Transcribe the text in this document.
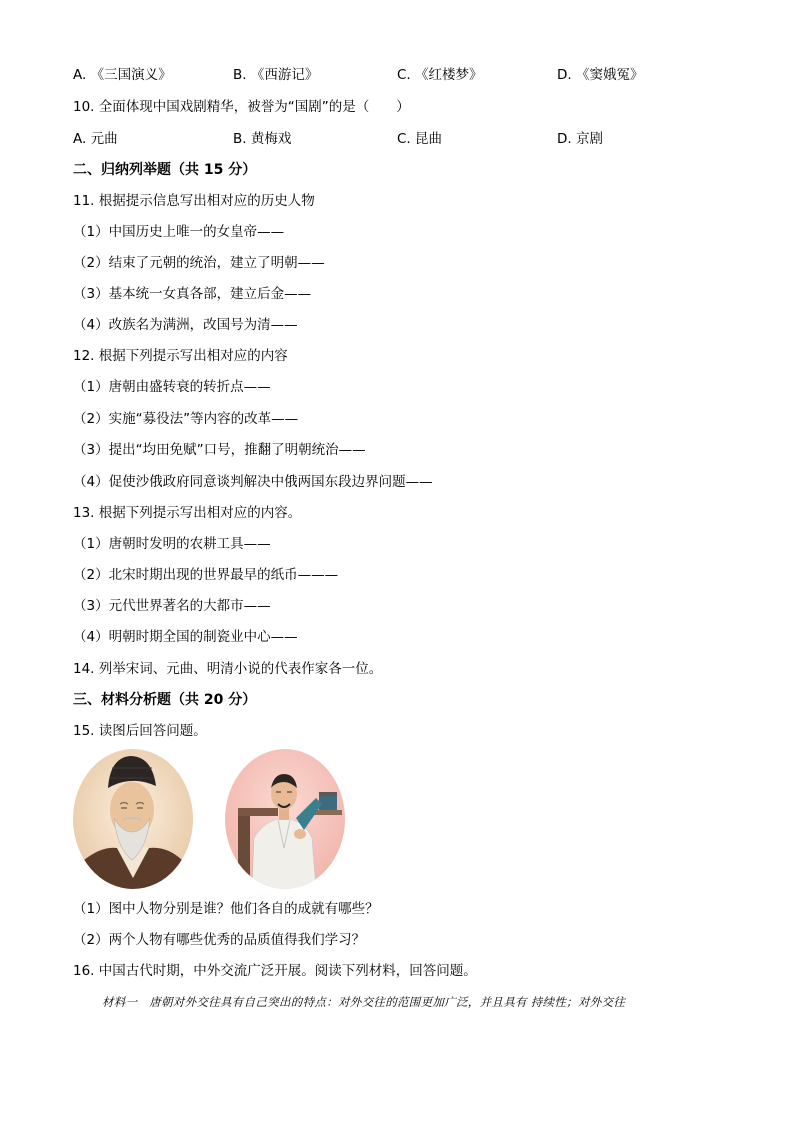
A. 《三国演义》	B. 《西游记》	C. 《红楼梦》	D. 《窦娥冤》
10. 全面体现中国戏剧精华，被誉为“国剧”的是（　　）
A. 元曲	B. 黄梅戏	C. 昆曲	D. 京剧
二、归纳列举题（共 15 分）
11. 根据提示信息写出相对应的历史人物
（1）中国历史上唯一的女皇帝——
（2）结束了元朝的统治，建立了明朝——
（3）基本统一女真各部，建立后金——
（4）改族名为满洲，改国号为清——
12. 根据下列提示写出相对应的内容
（1）唐朝由盛转衰的转折点——
（2）实施“募役法”等内容的改革——
（3）提出“均田免赋”口号，推翻了明朝统治——
（4）促使沙俄政府同意谈判解决中俄两国东段边界问题——
13. 根据下列提示写出相对应的内容。
（1）唐朝时发明的农耕工具——
（2）北宋时期出现的世界最早的纸币———
（3）元代世界著名的大都市——
（4）明朝时期全国的制瓷业中心——
14. 列举宋词、元曲、明清小说的代表作家各一位。
三、材料分析题（共 20 分）
15. 读图后回答问题。
（1）图中人物分别是谁？他们各自的成就有哪些？
（2）两个人物有哪些优秀的品质值得我们学习？
16. 中国古代时期，中外交流广泛开展。阅读下列材料，回答问题。
材料一　唐朝对外交往具有自己突出的特点：对外交往的范围更加广泛，并且具有 持续性；对外交往
